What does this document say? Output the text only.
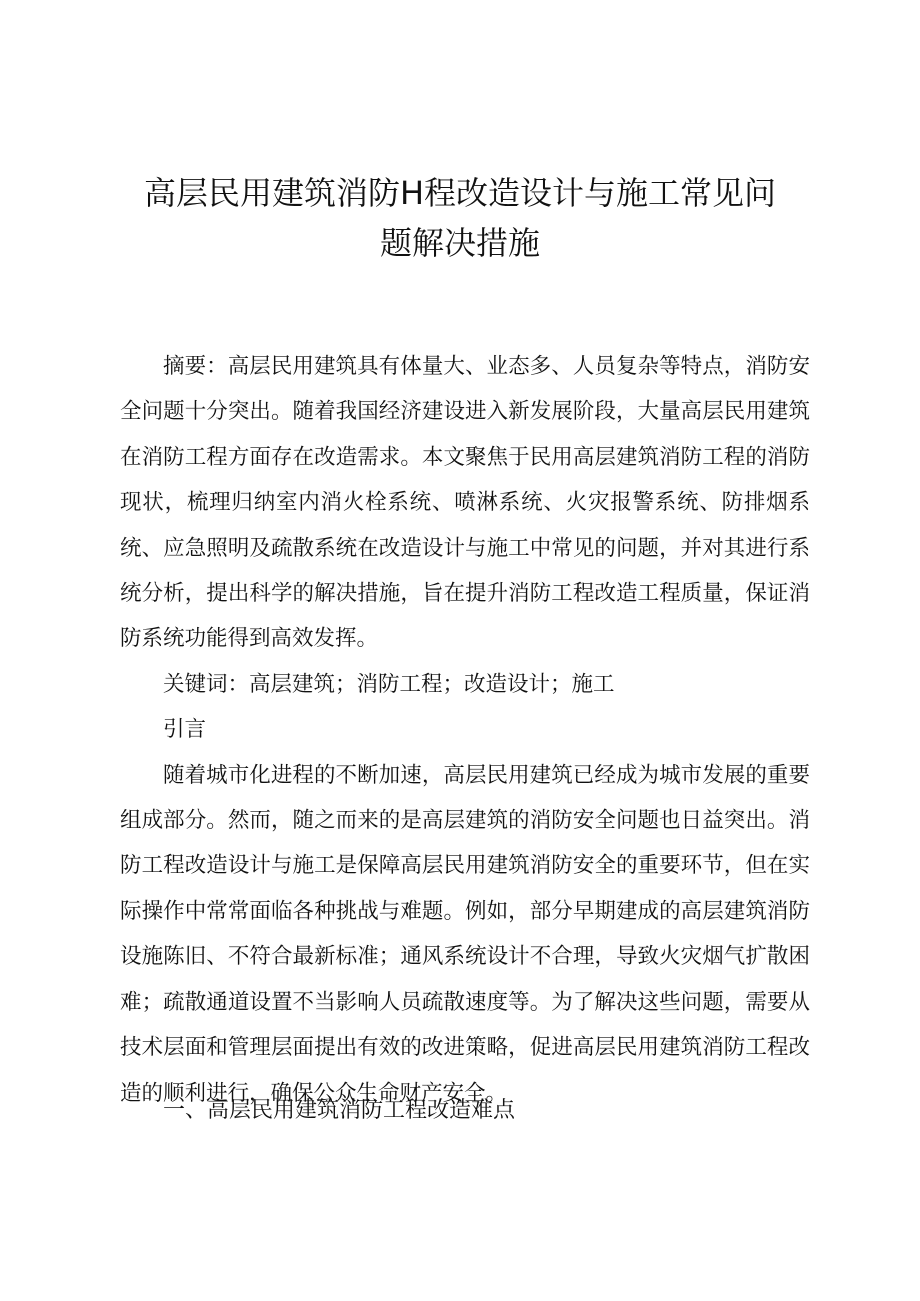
高层民用建筑消防H程改造设计与施工常见问
题解决措施

摘要：高层民用建筑具有体量大、业态多、人员复杂等特点，消防安全问题十分突出。随着我国经济建设进入新发展阶段，大量高层民用建筑在消防工程方面存在改造需求。本文聚焦于民用高层建筑消防工程的消防现状，梳理归纳室内消火栓系统、喷淋系统、火灾报警系统、防排烟系统、应急照明及疏散系统在改造设计与施工中常见的问题，并对其进行系统分析，提出科学的解决措施，旨在提升消防工程改造工程质量，保证消防系统功能得到高效发挥。

关键词：高层建筑；消防工程；改造设计；施工

引言

随着城市化进程的不断加速，高层民用建筑已经成为城市发展的重要组成部分。然而，随之而来的是高层建筑的消防安全问题也日益突出。消防工程改造设计与施工是保障高层民用建筑消防安全的重要环节，但在实际操作中常常面临各种挑战与难题。例如，部分早期建成的高层建筑消防设施陈旧、不符合最新标准；通风系统设计不合理，导致火灾烟气扩散困难；疏散通道设置不当影响人员疏散速度等。为了解决这些问题，需要从技术层面和管理层面提出有效的改进策略，促进高层民用建筑消防工程改造的顺利进行，确保公众生命财产安全。

一、高层民用建筑消防工程改造难点
